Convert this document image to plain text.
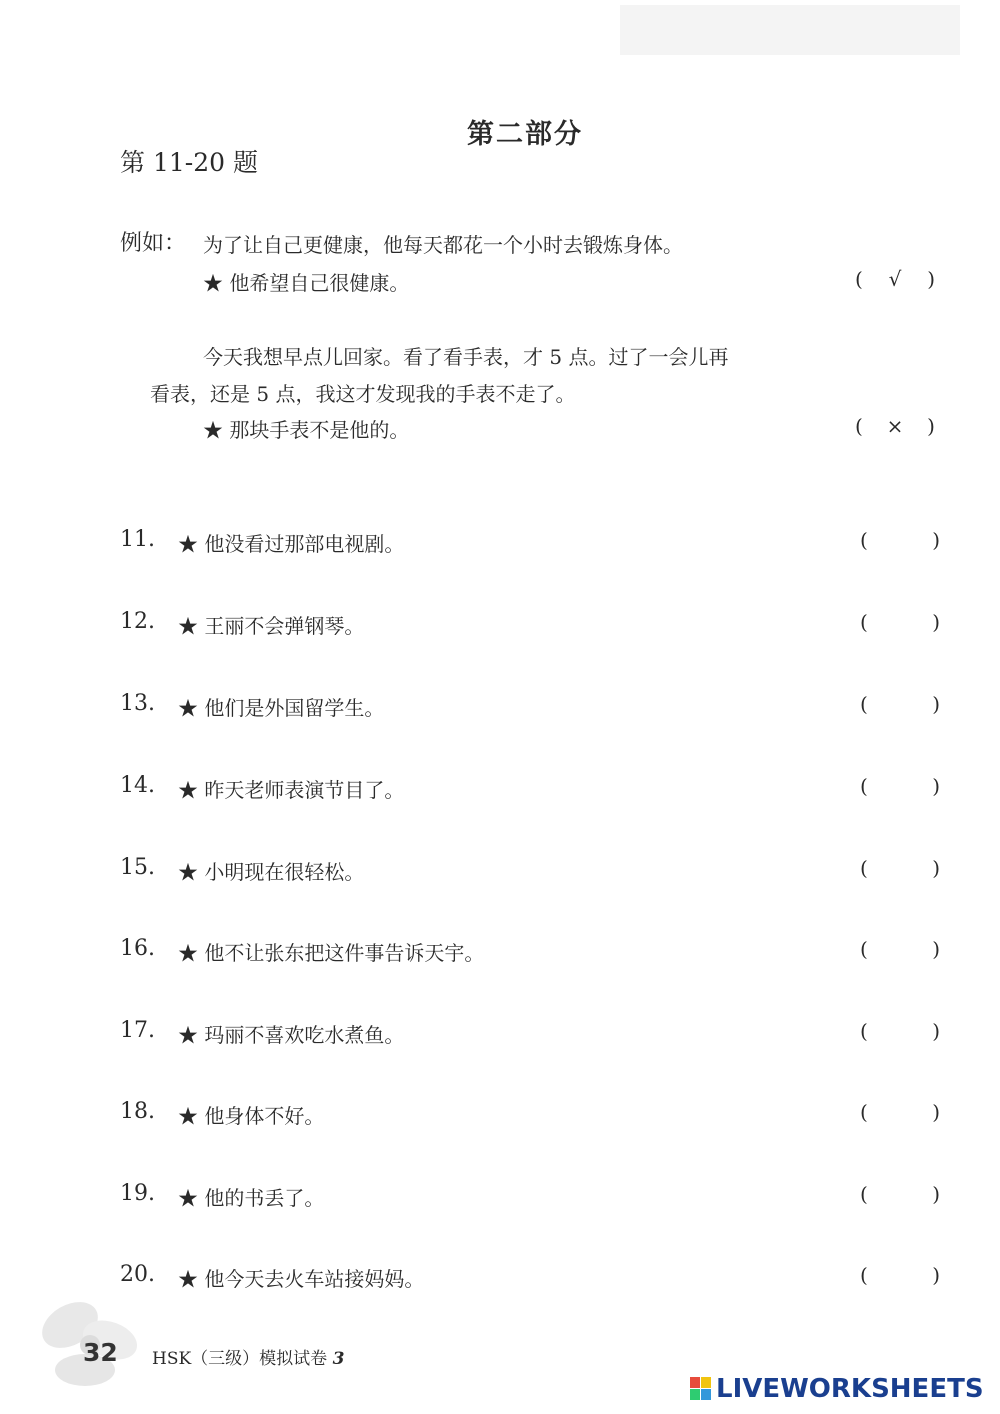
第二部分
第 11-20 题
例如： 为了让自己更健康，他每天都花一个小时去锻炼身体。
★ 他希望自己很健康。	( √ )
今天我想早点儿回家。看了看手表，才 5 点。过了一会儿再
看表，还是 5 点，我这才发现我的手表不走了。
★ 那块手表不是他的。	( × )
11. ★ 他没看过那部电视剧。	(	)
12. ★ 王丽不会弹钢琴。	(	)
13. ★ 他们是外国留学生。	(	)
14. ★ 昨天老师表演节目了。	(	)
15. ★ 小明现在很轻松。	(	)
16. ★ 他不让张东把这件事告诉天宇。	(	)
17. ★ 玛丽不喜欢吃水煮鱼。	(	)
18. ★ 他身体不好。	(	)
19. ★ 他的书丢了。	(	)
20. ★ 他今天去火车站接妈妈。	(	)
32 HSK（三级）模拟试卷 3
LIVEWORKSHEETS
